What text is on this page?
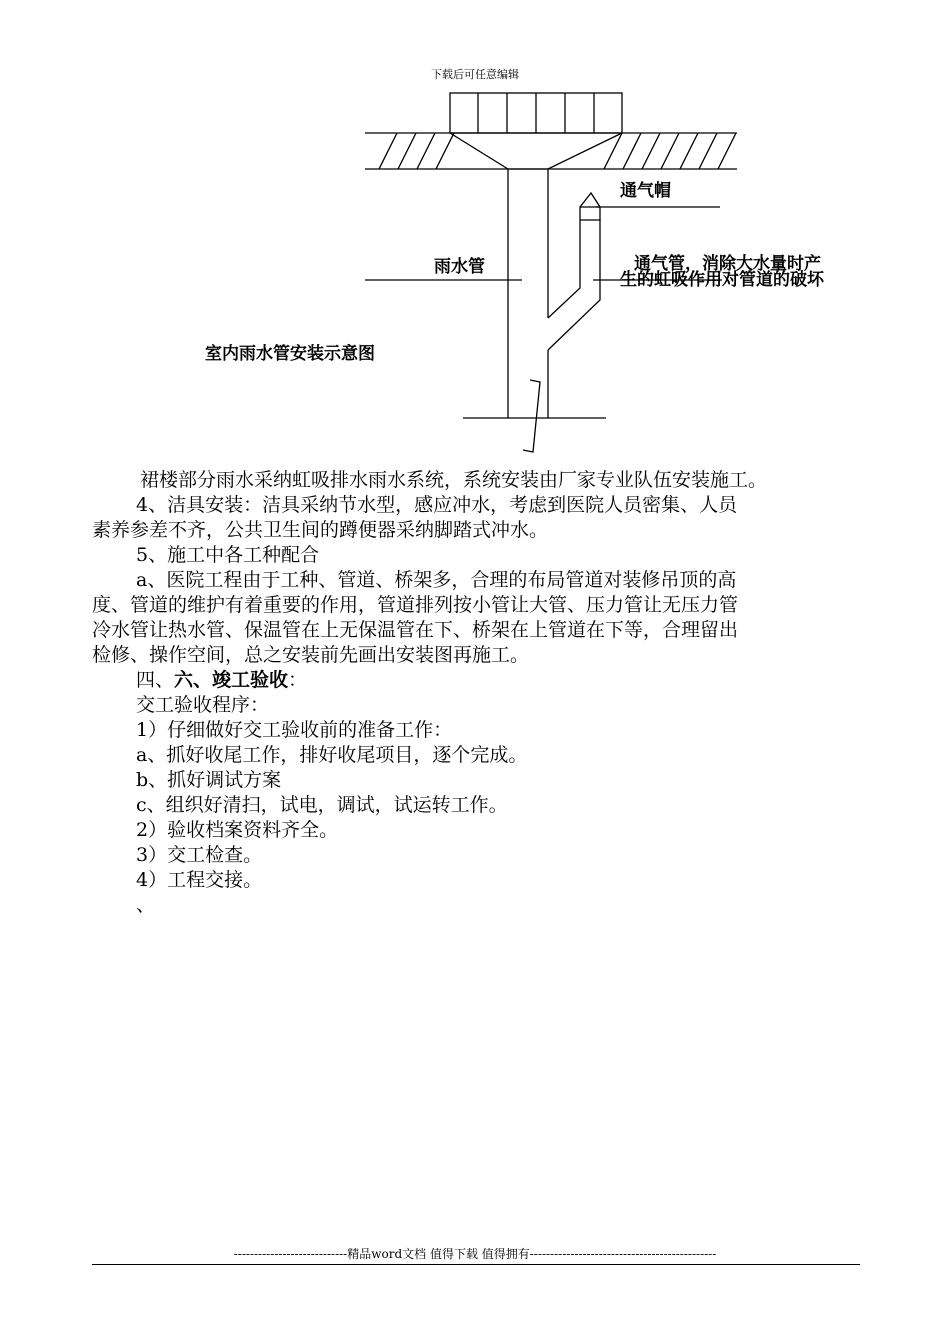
下载后可任意编辑
通气帽
雨水管	通气管，消除大水量时产
生的虹吸作用对管道的破坏
室内雨水管安装示意图

裙楼部分雨水采纳虹吸排水雨水系统，系统安装由厂家专业队伍安装施工。

4、洁具安装：洁具采纳节水型，感应冲水，考虑到医院人员密集、人员

素养参差不齐，公共卫生间的蹲便器采纳脚踏式冲水。

5、施工中各工种配合

a、医院工程由于工种、管道、桥架多，合理的布局管道对装修吊顶的高

度、管道的维护有着重要的作用，管道排列按小管让大管、压力管让无压力管

冷水管让热水管、保温管在上无保温管在下、桥架在上管道在下等，合理留出

检修、操作空间，总之安装前先画出安装图再施工。

四、六、竣工验收：

交工验收程序：

1）仔细做好交工验收前的准备工作：

a、抓好收尾工作，排好收尾项目，逐个完成。

b、抓好调试方案

c、组织好清扫，试电，调试，试运转工作。

2）验收档案资料齐全。

3）交工检查。

4）工程交接。

、

----------------------------精品word文档 值得下载 值得拥有----------------------------------------------
